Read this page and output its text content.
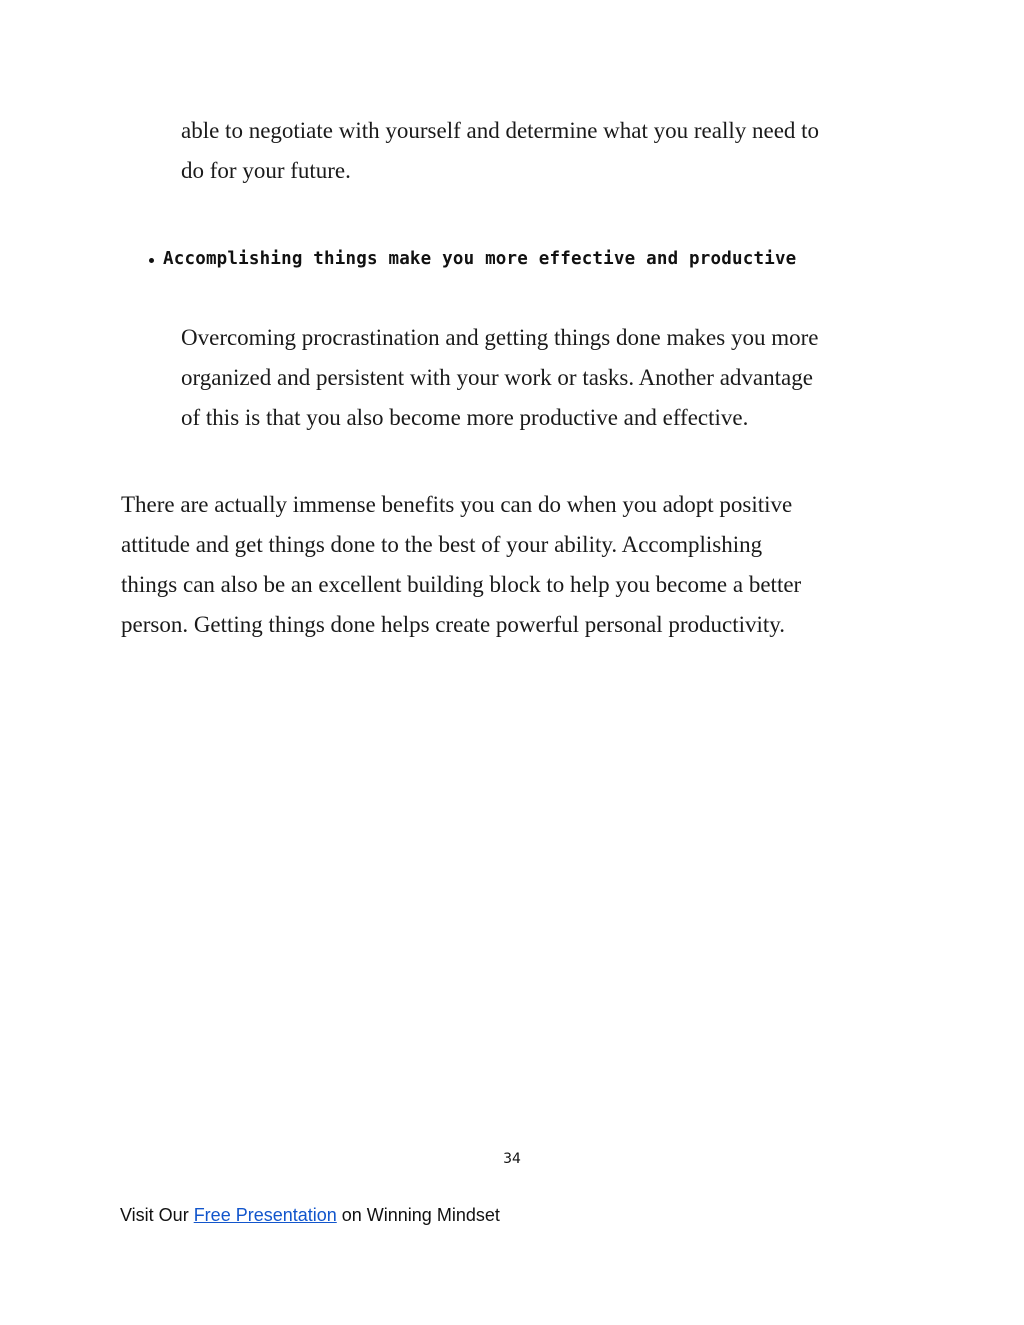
able to negotiate with yourself and determine what you really need to
do for your future.

Accomplishing things make you more effective and productive

Overcoming procrastination and getting things done makes you more
organized and persistent with your work or tasks. Another advantage
of this is that you also become more productive and effective.

There are actually immense benefits you can do when you adopt positive
attitude and get things done to the best of your ability. Accomplishing
things can also be an excellent building block to help you become a better
person. Getting things done helps create powerful personal productivity.

34
Visit Our Free Presentation on Winning Mindset
